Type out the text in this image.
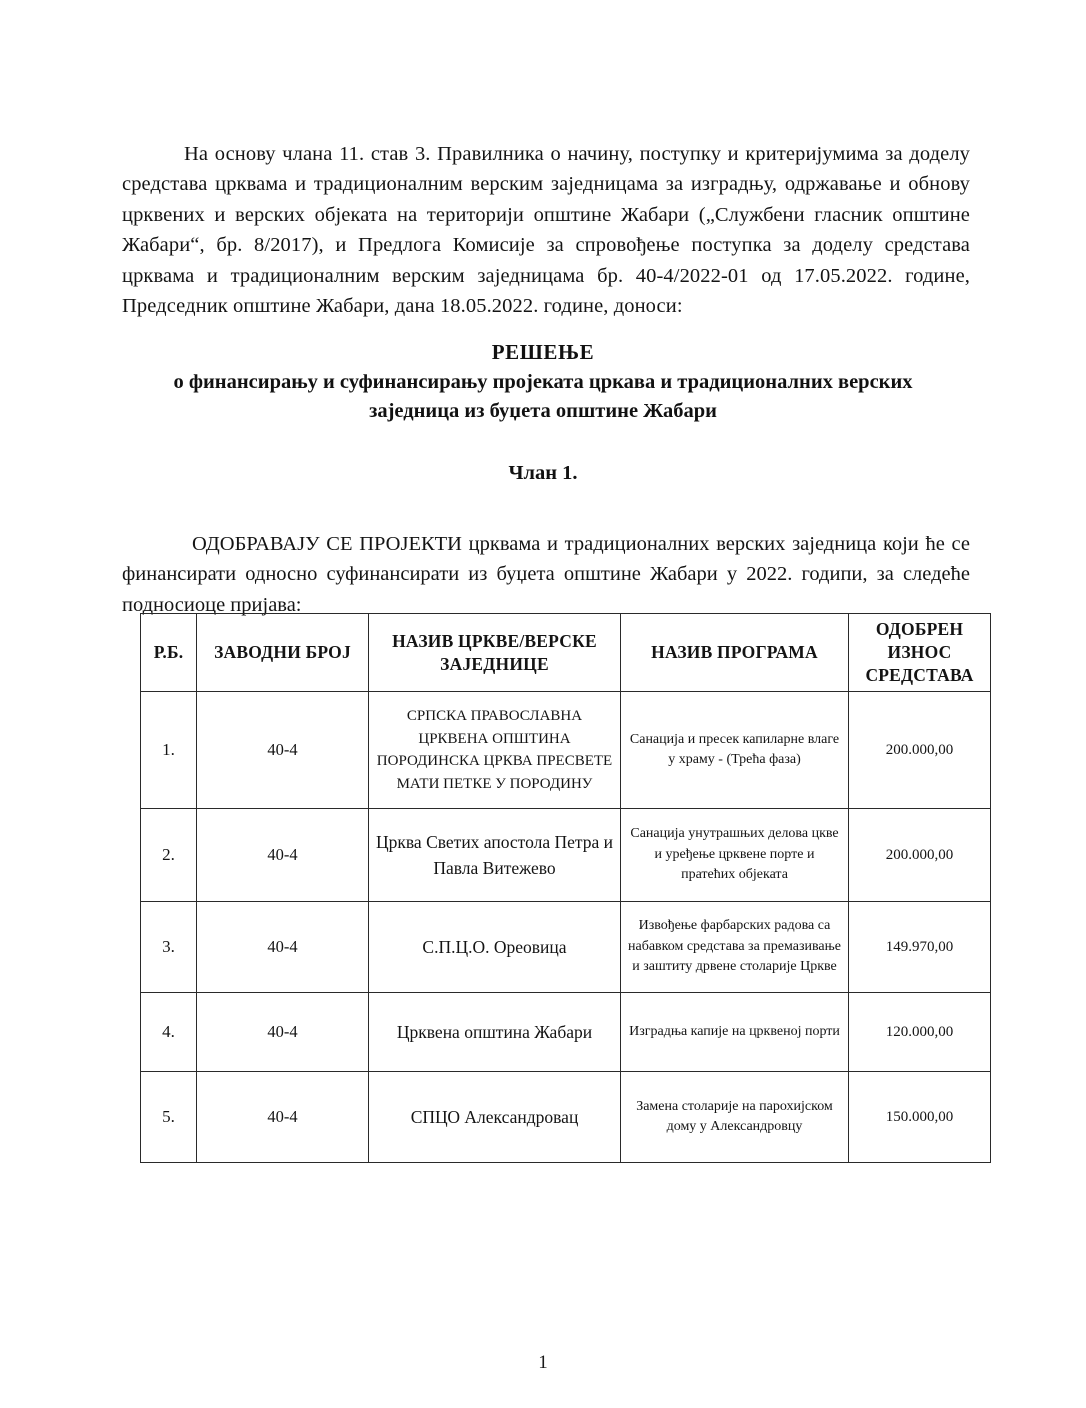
На основу члана 11. став 3. Правилника о начину, поступку и критеријумима за доделу средстава црквама и традиционалним верским заједницама за изградњу, одржавање и обнову црквених и верских објеката на територији општине Жабари („Службени гласник општине Жабари“, бр. 8/2017), и Предлога Комисије за спровођење поступка за доделу средстава црквама и традиционалним верским заједницама бр. 40-4/2022-01 од 17.05.2022. године, Председник општине Жабари, дана 18.05.2022. године, доноси:

РЕШЕЊЕ
о финансирању и суфинансирању пројеката цркава и традиционалних верских заједница из буџета општине Жабари
Члан 1.

ОДОБРАВАЈУ СЕ ПРОЈЕКТИ црквама и традиционалних верских заједница који ће се финансирати односно суфинансирати из буџета општине Жабари у 2022. годипи, за следеће подносиоце пријава:

Р.Б.	ЗАВОДНИ БРОЈ	НАЗИВ ЦРКВЕ/ВЕРСКЕ ЗАЈЕДНИЦЕ	НАЗИВ ПРОГРАМА	ОДОБРЕН ИЗНОС СРЕДСТАВА
1.	40-4	СРПСКА ПРАВОСЛАВНА ЦРКВЕНА ОПШТИНА ПОРОДИНСКА ЦРКВА ПРЕСВЕТЕ МАТИ ПЕТКЕ У ПОРОДИНУ	Санација и пресек капиларне влаге у храму - (Трећа фаза)	200.000,00
2.	40-4	Црква Светих апостола Петра и Павла Витежево	Санација унутрашњих делова цкве и уређење црквене порте и пратећих објеката	200.000,00
3.	40-4	С.П.Ц.О. Ореовица	Извођење фарбарских радова са набавком средстава за премазивање и заштиту дрвене столарије Цркве	149.970,00
4.	40-4	Црквена општина Жабари	Изградња капије на црквеној порти	120.000,00
5.	40-4	СПЦО Александровац	Замена столарије на парохијском дому у Александровцу	150.000,00
1
